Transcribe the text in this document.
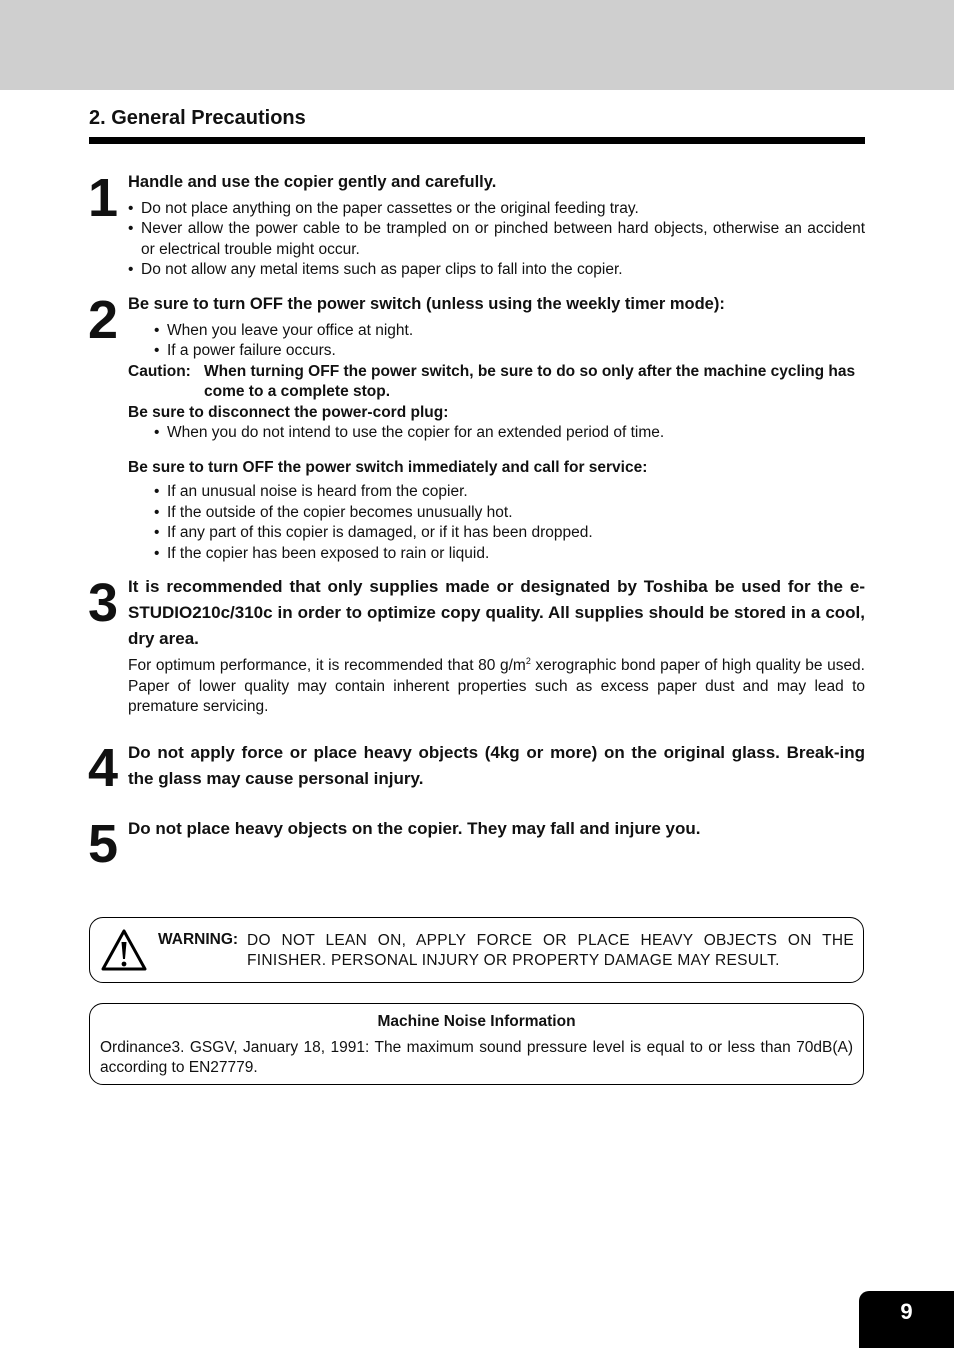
2. General Precautions
1 Handle and use the copier gently and carefully.
• Do not place anything on the paper cassettes or the original feeding tray.
• Never allow the power cable to be trampled on or pinched between hard objects, otherwise an accident or electrical trouble might occur.
• Do not allow any metal items such as paper clips to fall into the copier.
2 Be sure to turn OFF the power switch (unless using the weekly timer mode):
• When you leave your office at night.
• If a power failure occurs.
Caution: When turning OFF the power switch, be sure to do so only after the machine cycling has come to a complete stop.
Be sure to disconnect the power-cord plug:
• When you do not intend to use the copier for an extended period of time.
Be sure to turn OFF the power switch immediately and call for service:
• If an unusual noise is heard from the copier.
• If the outside of the copier becomes unusually hot.
• If any part of this copier is damaged, or if it has been dropped.
• If the copier has been exposed to rain or liquid.
3 It is recommended that only supplies made or designated by Toshiba be used for the e-STUDIO210c/310c in order to optimize copy quality. All supplies should be stored in a cool, dry area.
For optimum performance, it is recommended that 80 $g/m^2$ xerographic bond paper of high quality be used. Paper of lower quality may contain inherent properties such as excess paper dust and may lead to premature servicing.
4 Do not apply force or place heavy objects (4kg or more) on the original glass. Break-ing the glass may cause personal injury.
5 Do not place heavy objects on the copier. They may fall and injure you.
WARNING: DO NOT LEAN ON, APPLY FORCE OR PLACE HEAVY OBJECTS ON THE FINISHER. PERSONAL INJURY OR PROPERTY DAMAGE MAY RESULT.
Machine Noise Information
Ordinance3. GSGV, January 18, 1991: The maximum sound pressure level is equal to or less than 70dB(A) according to EN27779.
9
